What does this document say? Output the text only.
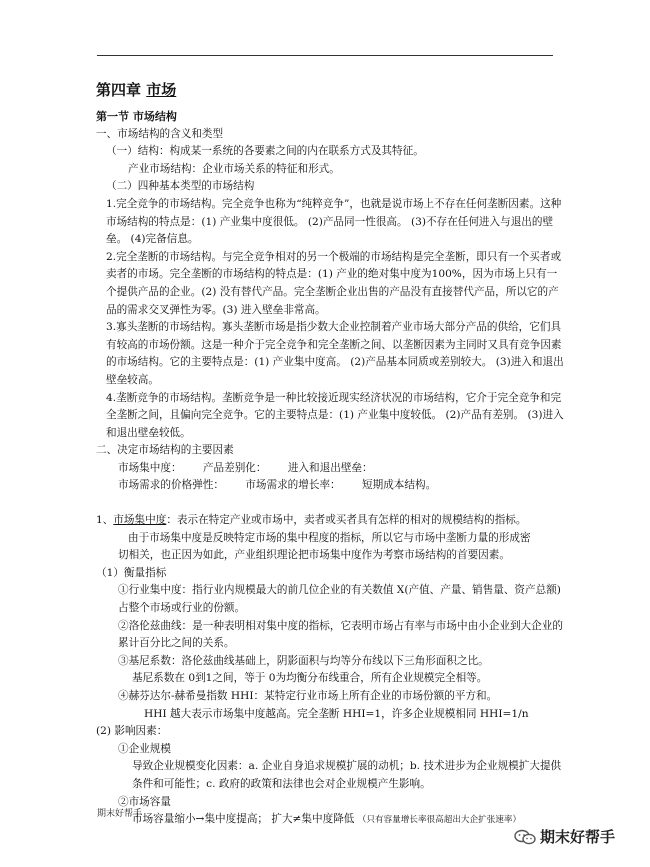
第四章 市场
第一节 市场结构
一、市场结构的含义和类型
（一）结构：构成某一系统的各要素之间的内在联系方式及其特征。
产业市场结构：企业市场关系的特征和形式。
（二）四种基本类型的市场结构
1.完全竞争的市场结构。完全竞争也称为“纯粹竞争”，也就是说市场上不存在任何垄断因素。这种市场结构的特点是：(1) 产业集中度很低。 (2)产品同一性很高。 (3)不存在任何进入与退出的壁垒。 (4)完备信息。
2.完全垄断的市场结构。与完全竞争相对的另一个极端的市场结构是完全垄断，即只有一个买者或卖者的市场。完全垄断的市场结构的特点是：(1) 产业的绝对集中度为100%，因为市场上只有一个提供产品的企业。(2) 没有替代产品。完全垄断企业出售的产品没有直接替代产品，所以它的产品的需求交叉弹性为零。(3) 进入壁垒非常高。
3.寡头垄断的市场结构。寡头垄断市场是指少数大企业控制着产业市场大部分产品的供给，它们具有较高的市场份额。这是一种介于完全竞争和完全垄断之间、以垄断因素为主同时又具有竞争因素的市场结构。它的主要特点是：(1) 产业集中度高。 (2)产品基本同质或差别较大。 (3)进入和退出壁垒较高。
4.垄断竞争的市场结构。垄断竞争是一种比较接近现实经济状况的市场结构，它介于完全竞争和完全垄断之间，且偏向完全竞争。它的主要特点是：(1) 产业集中度较低。 (2)产品有差别。 (3)进入和退出壁垒较低。
二、决定市场结构的主要因素
市场集中度： 产品差别化： 进入和退出壁垒：
市场需求的价格弹性： 市场需求的增长率： 短期成本结构。
1、市场集中度：表示在特定产业或市场中，卖者或买者具有怎样的相对的规模结构的指标。
由于市场集中度是反映特定市场的集中程度的指标，所以它与市场中垄断力量的形成密
切相关，也正因为如此，产业组织理论把市场集中度作为考察市场结构的首要因素。
（1）衡量指标
①行业集中度：指行业内规模最大的前几位企业的有关数值 X(产值、产量、销售量、资产总额) 占整个市场或行业的份额。
②洛伦兹曲线：是一种表明相对集中度的指标，它表明市场占有率与市场中由小企业到大企业的累计百分比之间的关系。
③基尼系数：洛伦兹曲线基础上，阴影面积与均等分布线以下三角形面积之比。
基尼系数在 0到1之间，等于 0为均衡分布线重合，所有企业规模完全相等。
④赫芬达尔-赫希曼指数 HHI：某特定行业市场上所有企业的市场份额的平方和。
HHI 越大表示市场集中度越高。完全垄断 HHI=1，许多企业规模相同 HHI=1/n
(2) 影响因素：
①企业规模
导致企业规模变化因素：a. 企业自身追求规模扩展的动机；b. 技术进步为企业规模扩大提供条件和可能性；c. 政府的政策和法律也会对企业规模产生影响。
②市场容量
市场容量缩小→集中度提高； 扩大≠集中度降低 （只有容量增长率很高超出大企扩张速率）
期末好帮手
期末好帮手
